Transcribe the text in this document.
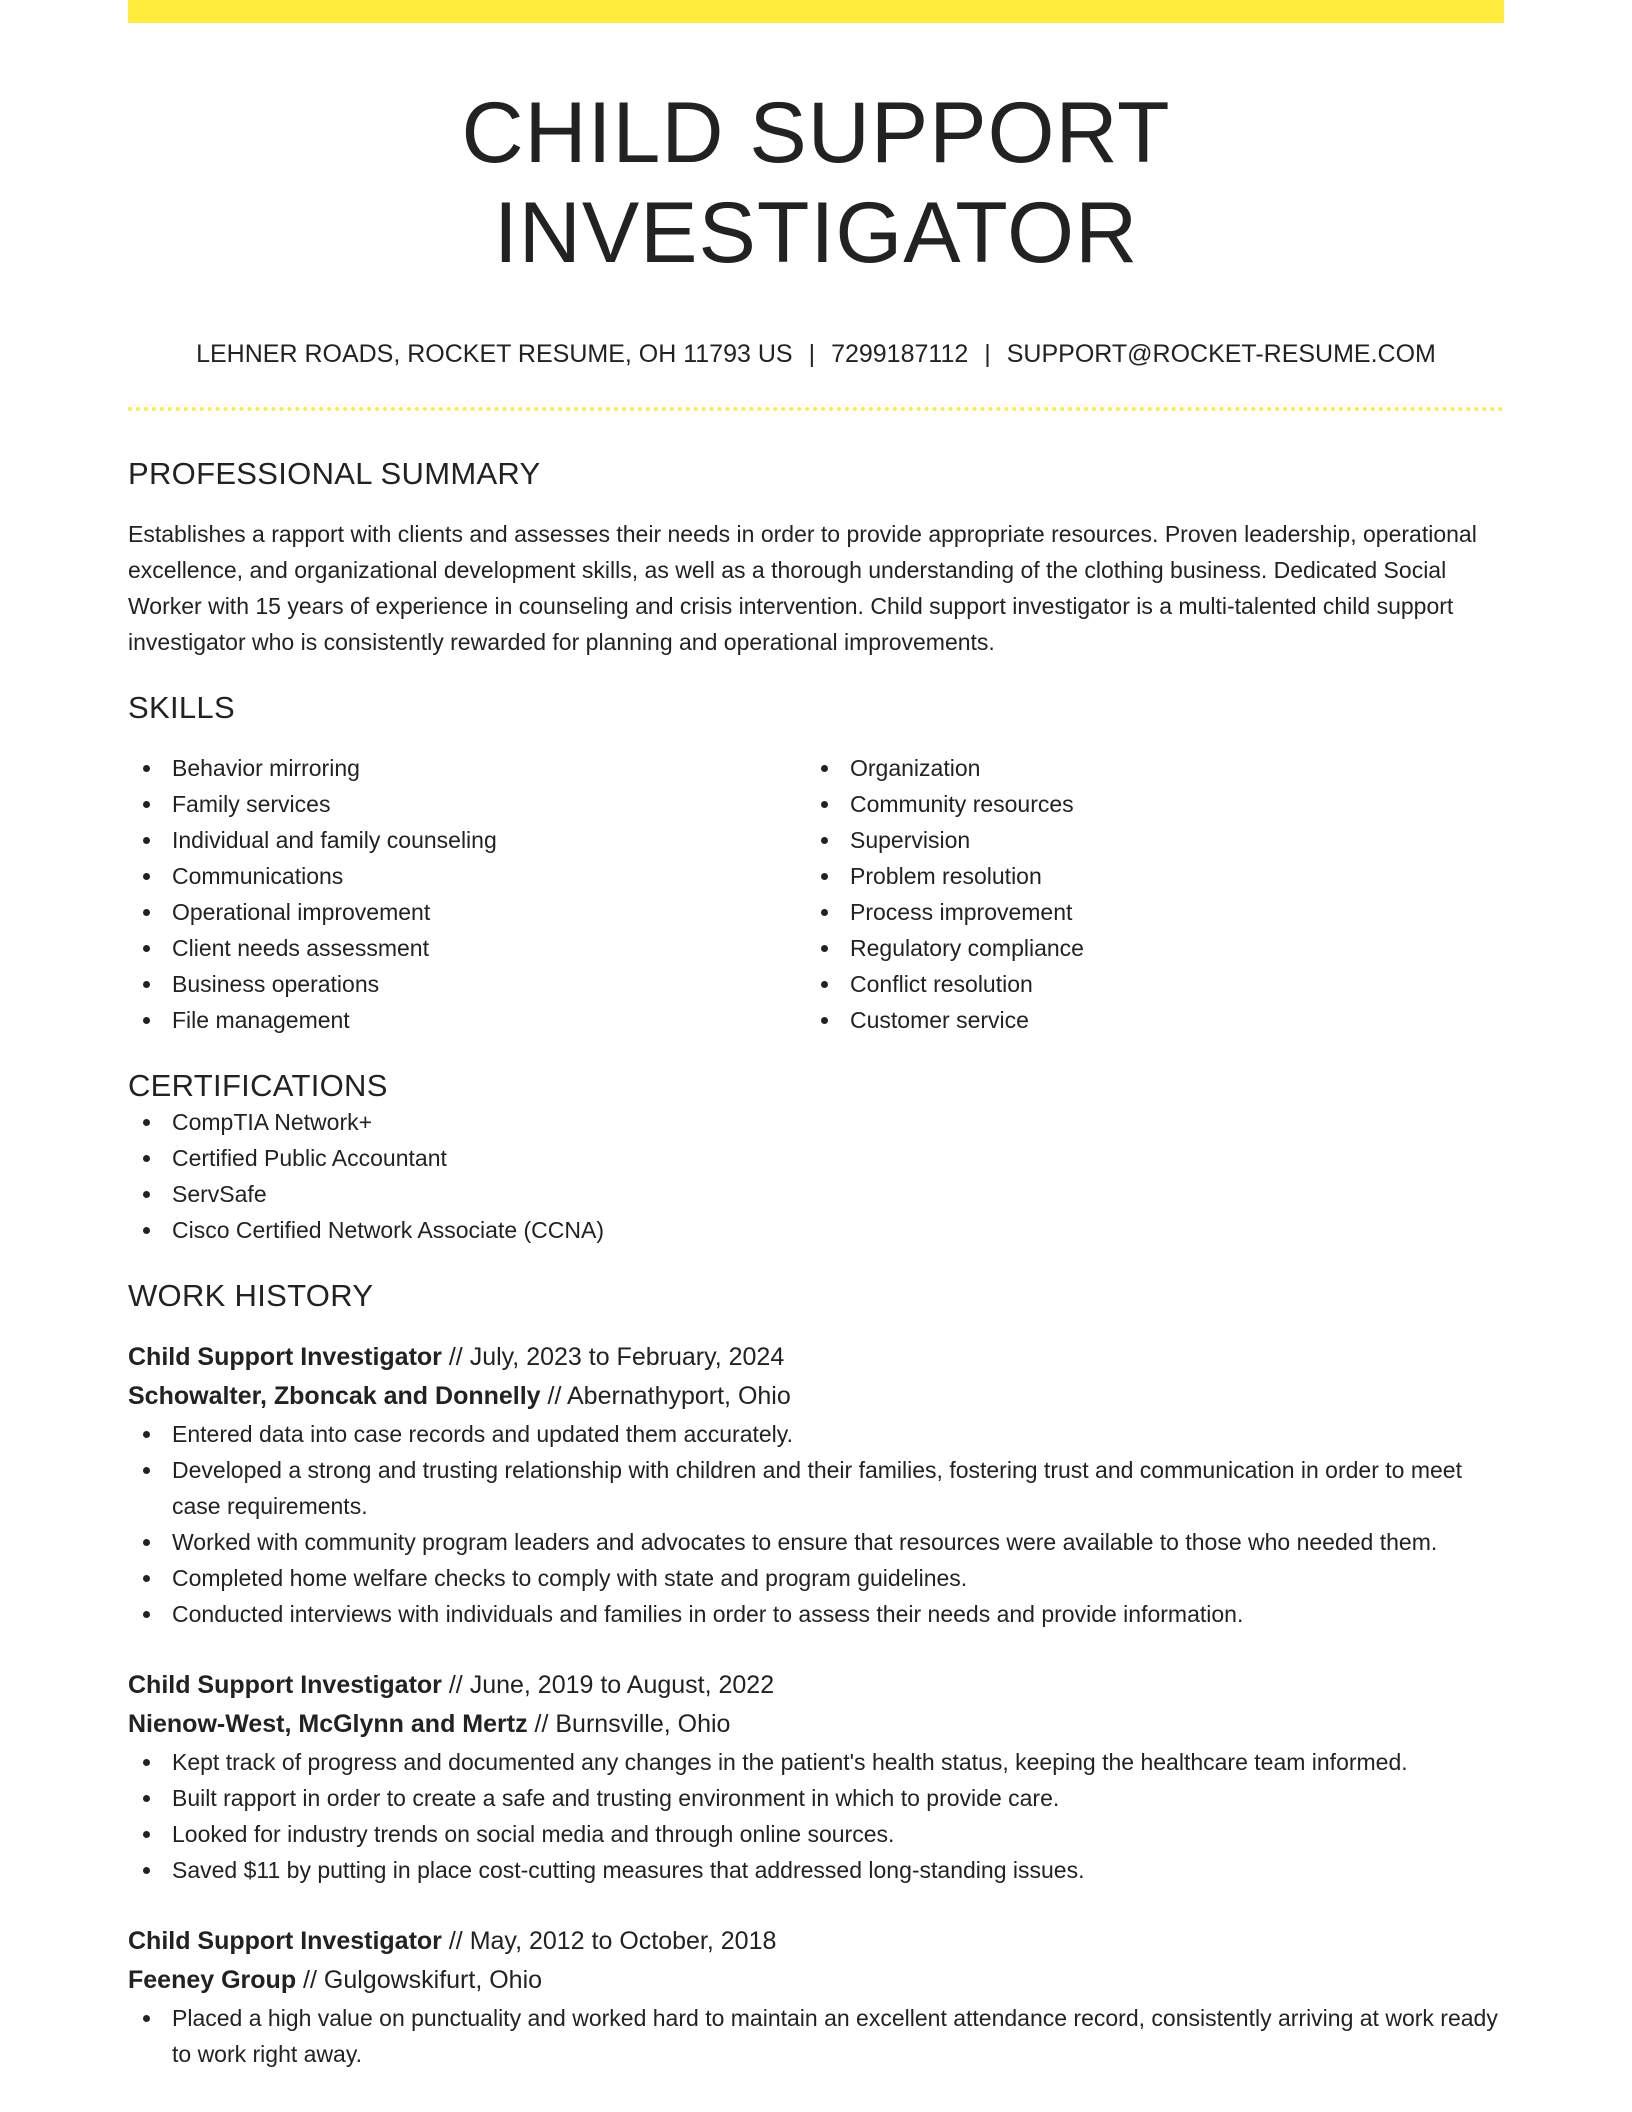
CHILD SUPPORT INVESTIGATOR
LEHNER ROADS, ROCKET RESUME, OH 11793 US | 7299187112 | SUPPORT@ROCKET-RESUME.COM
PROFESSIONAL SUMMARY
Establishes a rapport with clients and assesses their needs in order to provide appropriate resources. Proven leadership, operational excellence, and organizational development skills, as well as a thorough understanding of the clothing business. Dedicated Social Worker with 15 years of experience in counseling and crisis intervention. Child support investigator is a multi-talented child support investigator who is consistently rewarded for planning and operational improvements.
SKILLS
Behavior mirroring
Family services
Individual and family counseling
Communications
Operational improvement
Client needs assessment
Business operations
File management
Organization
Community resources
Supervision
Problem resolution
Process improvement
Regulatory compliance
Conflict resolution
Customer service
CERTIFICATIONS
CompTIA Network+
Certified Public Accountant
ServSafe
Cisco Certified Network Associate (CCNA)
WORK HISTORY
Child Support Investigator // July, 2023 to February, 2024
Schowalter, Zboncak and Donnelly // Abernathyport, Ohio
Entered data into case records and updated them accurately.
Developed a strong and trusting relationship with children and their families, fostering trust and communication in order to meet case requirements.
Worked with community program leaders and advocates to ensure that resources were available to those who needed them.
Completed home welfare checks to comply with state and program guidelines.
Conducted interviews with individuals and families in order to assess their needs and provide information.
Child Support Investigator // June, 2019 to August, 2022
Nienow-West, McGlynn and Mertz // Burnsville, Ohio
Kept track of progress and documented any changes in the patient's health status, keeping the healthcare team informed.
Built rapport in order to create a safe and trusting environment in which to provide care.
Looked for industry trends on social media and through online sources.
Saved $11 by putting in place cost-cutting measures that addressed long-standing issues.
Child Support Investigator // May, 2012 to October, 2018
Feeney Group // Gulgowskifurt, Ohio
Placed a high value on punctuality and worked hard to maintain an excellent attendance record, consistently arriving at work ready to work right away.
